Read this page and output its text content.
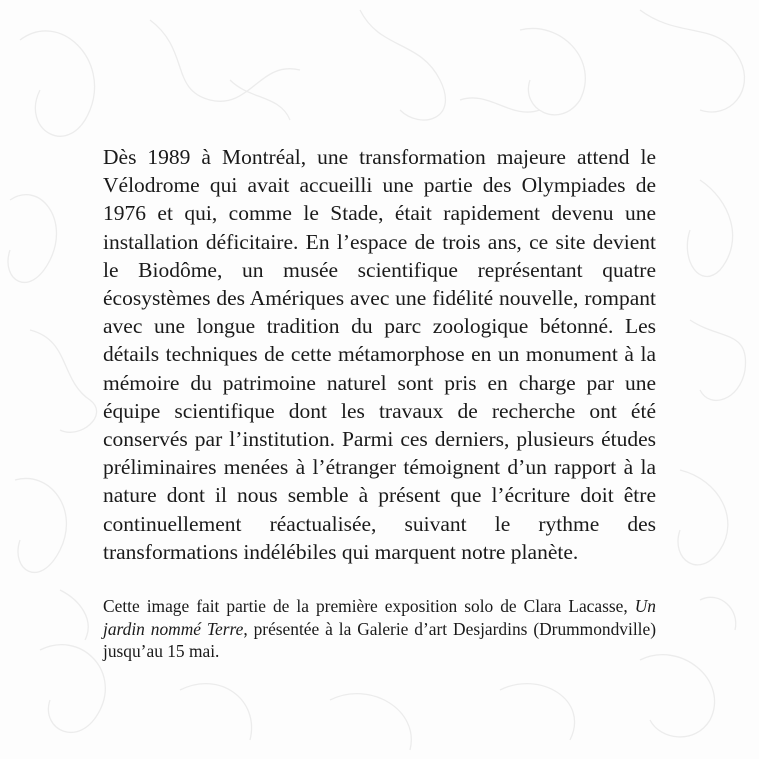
Dès 1989 à Montréal, une transformation majeure attend le Vélodrome qui avait accueilli une partie des Olympiades de 1976 et qui, comme le Stade, était rapidement devenu une installation déficitaire. En l’espace de trois ans, ce site devient le Biodôme, un musée scientifique représentant quatre écosystèmes des Amériques avec une fidélité nouvelle, rompant avec une longue tradition du parc zoologique bétonné. Les détails techniques de cette métamorphose en un monument à la mémoire du patrimoine naturel sont pris en charge par une équipe scientifique dont les travaux de recherche ont été conservés par l’institution. Parmi ces derniers, plusieurs études préliminaires menées à l’étranger témoignent d’un rapport à la nature dont il nous semble à présent que l’écriture doit être continuellement réactualisée, suivant le rythme des transformations indélébiles qui marquent notre planète.

Cette image fait partie de la première exposition solo de Clara Lacasse, Un jardin nommé Terre, présentée à la Galerie d’art Desjardins (Drummondville) jusqu’au 15 mai.
